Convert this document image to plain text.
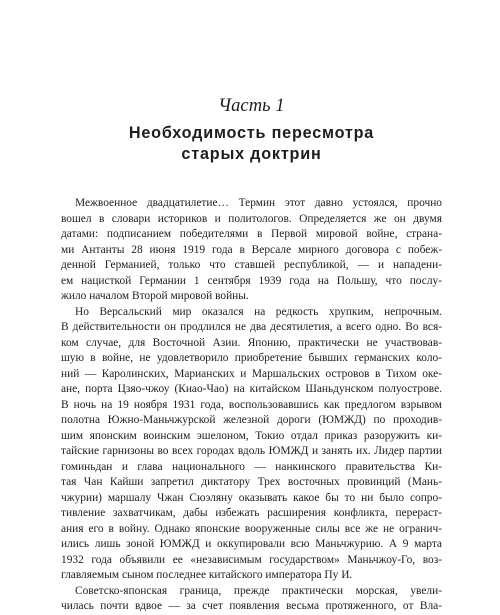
Часть 1
Необходимость пересмотра
старых доктрин

Межвоенное двадцатилетие… Термин этот давно устоялся, прочно
вошел в словари историков и политологов. Определяется же он двумя
датами: подписанием победителями в Первой мировой войне, страна-
ми Антанты 28 июня 1919 года в Версале мирного договора с побеж-
денной Германией, только что ставшей республикой, — и нападени-
ем нацисткой Германии 1 сентября 1939 года на Польшу, что послу-
жило началом Второй мировой войны.

Но Версальский мир оказался на редкость хрупким, непрочным.
В действительности он продлился не два десятилетия, а всего одно. Во вся-
ком случае, для Восточной Азии. Японию, практически не участвовав-
шую в войне, не удовлетворило приобретение бывших германских коло-
ний — Каролинских, Марианских и Маршальских островов в Тихом оке-
ане, порта Цзяо-чжоу (Киао-Чао) на китайском Шаньдунском полуострове.
В ночь на 19 ноября 1931 года, воспользовавшись как предлогом взрывом
полотна Южно-Маньчжурской железной дороги (ЮМЖД) по проходив-
шим японским воинским эшелоном, Токио отдал приказ разоружить ки-
тайские гарнизоны во всех городах вдоль ЮМЖД и занять их. Лидер партии
гоминьдан и глава национального — нанкинского правительства Ки-
тая Чан Кайши запретил диктатору Трех восточных провинций (Мань-
чжурии) маршалу Чжан Сюэляну оказывать какое бы то ни было сопро-
тивление захватчикам, дабы избежать расширения конфликта, перераст-
ания его в войну. Однако японские вооруженные силы все же не огранич-
ились лишь зоной ЮМЖД и оккупировали всю Маньчжурию. А 9 марта
1932 года объявили ее «независимым государством» Маньчжоу-Го, воз-
главляемым сыном последнее китайского императора Пу И.

Советско-японская граница, прежде практически морская, увели-
чилась почти вдвое — за счет появления весьма протяженного, от Вла-
